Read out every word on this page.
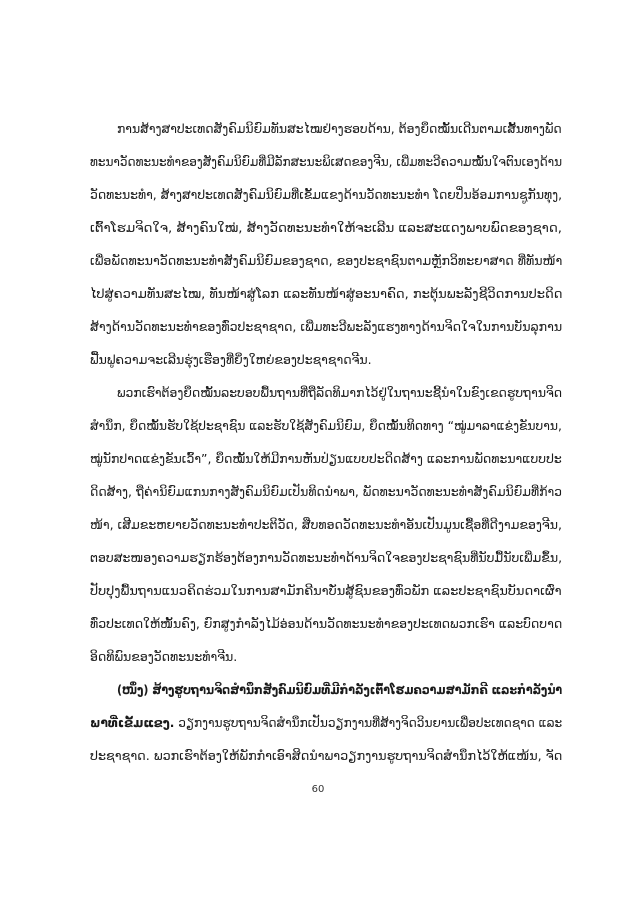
ການສ້າງສາປະເທດສັງຄົມນິຍົມທັນສະໄໝຢ່າງຮອບດ້ານ, ຕ້ອງຍຶດໝັ້ນເດີນຕາມເສັ້ນທາງພັດ
ທະນາວັດທະນະທຳຂອງສັງຄົມນິຍົມທີ່ມີລັກສະນະພິເສດຂອງຈີນ, ເພີ່ມທະວີຄວາມໝັ້ນໃຈຕົນເອງດ້ານ
ວັດທະນະທຳ, ສ້າງສາປະເທດສັງຄົມນິຍົມທີ່ເຂັ້ມແຂງດ້ານວັດທະນະທຳ ໂດຍປິ່ນອ້ອມການຊູກັນທຸງ,
ເຕົ້າໂຮມຈິດໃຈ, ສ້າງຄົນໃໝ່, ສ້າງວັດທະນະທຳໃຫ້ຈະເລີນ ແລະສະແດງພາບພົດຂອງຊາດ,
ເພື່ອພັດທະນາວັດທະນະທຳສັງຄົມນິຍົມຂອງຊາດ, ຂອງປະຊາຊົນຕາມຫຼັກວິທະຍາສາດ ທີ່ທັນໜ້າ
ໄປສູ່ຄວາມທັນສະໄໝ, ທັນໜ້າສູ່ໂລກ ແລະທັນໜ້າສູ່ອະນາຄົດ, ກະຕຸ້ນພະລັງຊີວິດການປະດິດ
ສ້າງດ້ານວັດທະນະທຳຂອງທົ່ວປະຊາຊາດ, ເພີ່ມທະວີພະລັງແຮງທາງດ້ານຈິດໃຈໃນການບັນລຸການ
ຟື້ນຟູຄວາມຈະເລີນຮຸ່ງເຮືອງທີ່ຍິ່ງໃຫຍ່ຂອງປະຊາຊາດຈີນ.
ພວກເຮົາຕ້ອງຍຶດໝັ້ນລະບອບພື້ນຖານທີ່ຖືລັດທິມາກໄວ້ຢູ່ໃນຖານະຊີ້ນຳໃນຂົງເຂດຮູບຖານຈິດ
ສຳນຶກ, ຍຶດໝັ້ນຮັບໃຊ້ປະຊາຊົນ ແລະຮັບໃຊ້ສັງຄົມນິຍົມ, ຍຶດໝັ້ນທິດທາງ “ໝູ່ມາລາແຂ່ງຂັນບານ,
ໝູ່ນັກປາດແຂ່ງຂັນເວົ້າ”, ຍຶດໝັ້ນໃຫ້ມີການຫັນປ່ຽນແບບປະດິດສ້າງ ແລະການພັດທະນາແບບປະ
ດິດສ້າງ, ຖືຄ່ານິຍົມແກນກາງສັງຄົມນິຍົມເປັນທິດນຳພາ, ພັດທະນາວັດທະນະທຳສັງຄົມນິຍົມທີ່ກ້າວ
ໜ້າ, ເສີມຂະຫຍາຍວັດທະນະທຳປະຕິວັດ, ສືບທອດວັດທະນະທຳອັນເປັນມູນເຊື້ອທີ່ດີງາມຂອງຈີນ,
ຕອບສະໜອງຄວາມຮຽກຮ້ອງຕ້ອງການວັດທະນະທຳດ້ານຈິດໃຈຂອງປະຊາຊົນທີ່ນັບມື້ນັບເພີ່ມຂຶ້ນ,
ປັບປຸງພື້ນຖານແນວຄິດຮ່ວມໃນການສາມັກຄີນາບັ່ນສູ້ຊົນຂອງທົ່ວພັກ ແລະປະຊາຊົນບັນດາເຜົ່າ
ທົ່ວປະເທດໃຫ້ໜັ້ນຄົງ, ຍົກສູງກຳລັງໄມ້ອ່ອນດ້ານວັດທະນະທຳຂອງປະເທດພວກເຮົາ ແລະບົດບາດ
ອິດທິພົນຂອງວັດທະນະທຳຈີນ.
(ໜຶ່ງ) ສ້າງຮູບຖານຈິດສຳນຶກສັງຄົມນິຍົມທີ່ມີກຳລັງເຕົ້າໂຮມຄວາມສາມັກຄີ ແລະກຳລັງນຳ
ພາທີ່ເຂັ້ມແຂງ. ວຽກງານຮູບຖານຈິດສຳນຶກເປັນວຽກງານທີ່ສ້າງຈິດວິນຍານເພື່ອປະເທດຊາດ ແລະ
ປະຊາຊາດ. ພວກເຮົາຕ້ອງໃຫ້ພັກກຳເອົາສິດນຳພາວຽກງານຮູບຖານຈິດສຳນຶກໄວ້ໃຫ້ແໜ້ນ, ຈັດ
60
